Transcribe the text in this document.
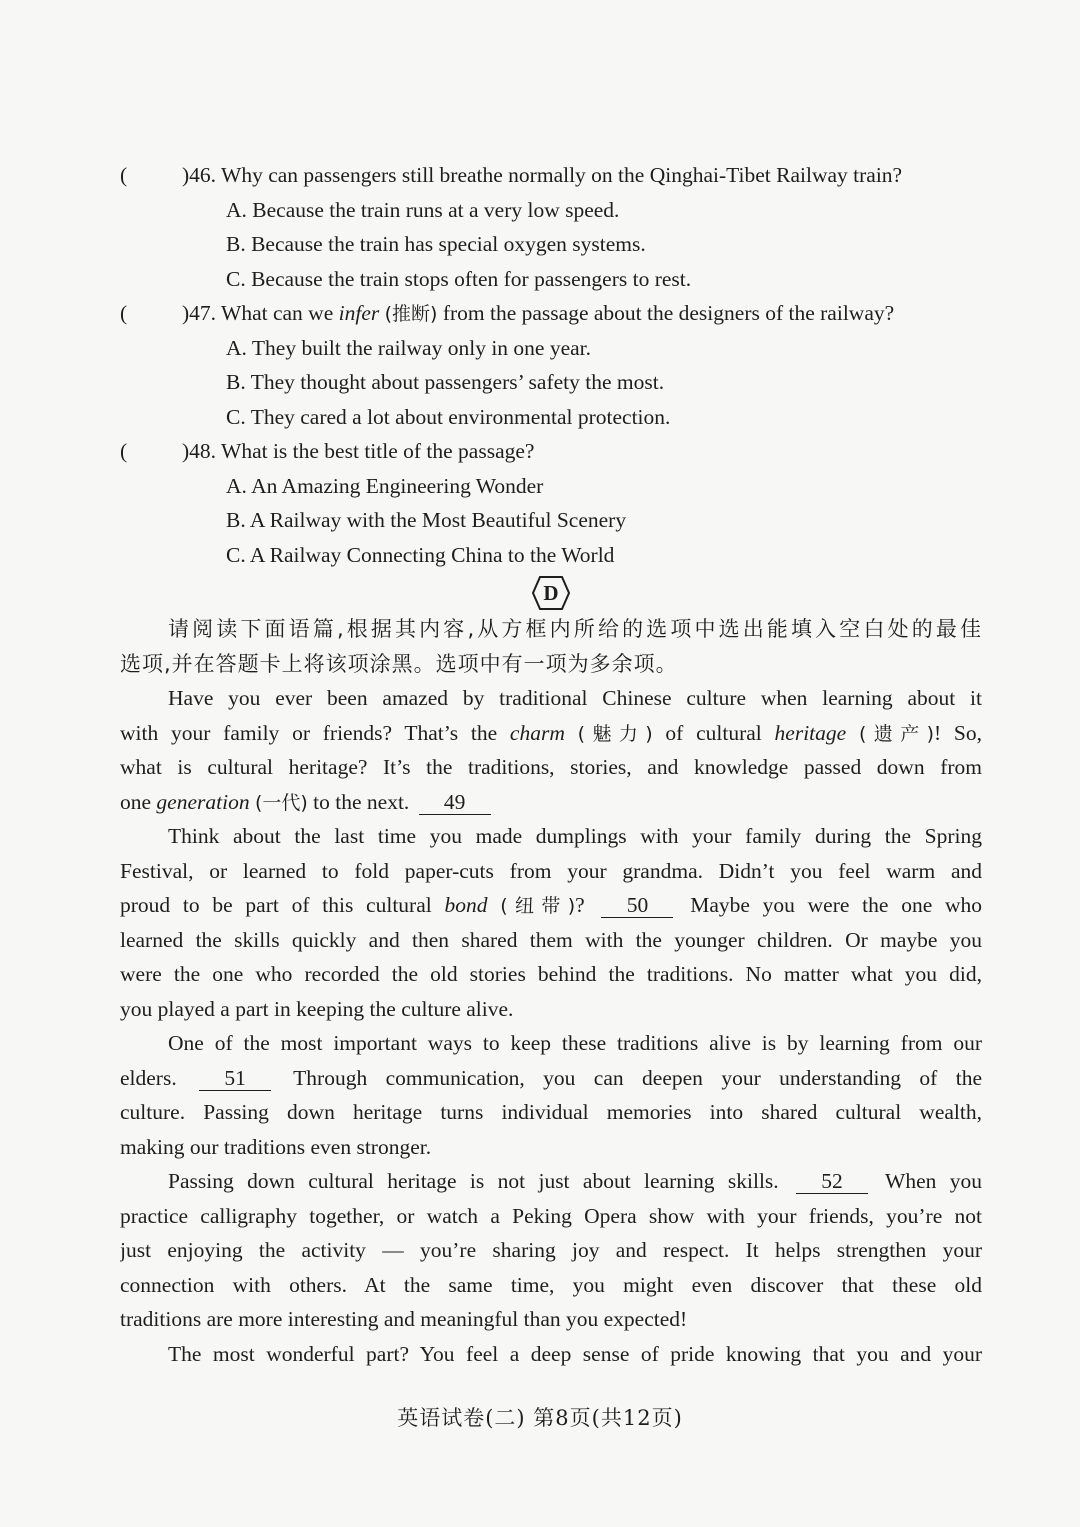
(	)46. Why can passengers still breathe normally on the Qinghai-Tibet Railway train?
A. Because the train runs at a very low speed.
B. Because the train has special oxygen systems.
C. Because the train stops often for passengers to rest.
(	)47. What can we infer (推断) from the passage about the designers of the railway?
A. They built the railway only in one year.
B. They thought about passengers’ safety the most.
C. They cared a lot about environmental protection.
(	)48. What is the best title of the passage?
A. An Amazing Engineering Wonder
B. A Railway with the Most Beautiful Scenery
C. A Railway Connecting China to the World
D
请阅读下面语篇,根据其内容,从方框内所给的选项中选出能填入空白处的最佳
选项,并在答题卡上将该项涂黑。选项中有一项为多余项。
Have you ever been amazed by traditional Chinese culture when learning about it
with your family or friends? That’s the charm (魅力) of cultural heritage (遗产)! So,
what is cultural heritage? It’s the traditions, stories, and knowledge passed down from
one generation (一代) to the next. 49
Think about the last time you made dumplings with your family during the Spring
Festival, or learned to fold paper-cuts from your grandma. Didn’t you feel warm and
proud to be part of this cultural bond (纽带)? 50 Maybe you were the one who
learned the skills quickly and then shared them with the younger children. Or maybe you
were the one who recorded the old stories behind the traditions. No matter what you did,
you played a part in keeping the culture alive.
One of the most important ways to keep these traditions alive is by learning from our
elders. 51 Through communication, you can deepen your understanding of the
culture. Passing down heritage turns individual memories into shared cultural wealth,
making our traditions even stronger.
Passing down cultural heritage is not just about learning skills. 52 When you
practice calligraphy together, or watch a Peking Opera show with your friends, you’re not
just enjoying the activity — you’re sharing joy and respect. It helps strengthen your
connection with others. At the same time, you might even discover that these old
traditions are more interesting and meaningful than you expected!
The most wonderful part? You feel a deep sense of pride knowing that you and your
英语试卷(二) 第8页(共12页)
